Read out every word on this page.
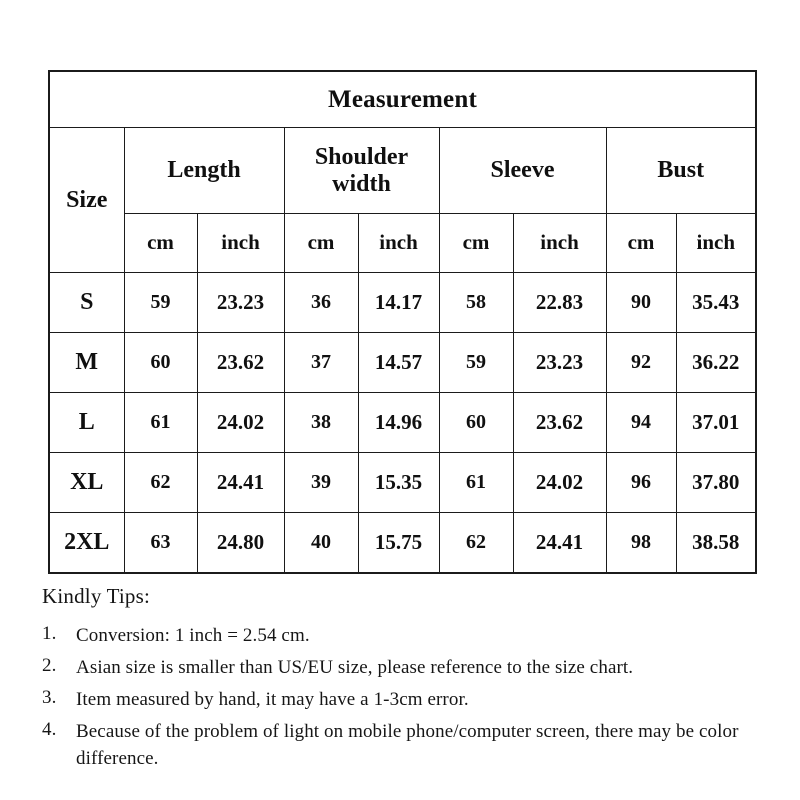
Measurement								
Size	Length		Shoulder width		Sleeve		Bust	
	cm	inch	cm	inch	cm	inch	cm	inch
S	59	23.23	36	14.17	58	22.83	90	35.43
M	60	23.62	37	14.57	59	23.23	92	36.22
L	61	24.02	38	14.96	60	23.62	94	37.01
XL	62	24.41	39	15.35	61	24.02	96	37.80
2XL	63	24.80	40	15.75	62	24.41	98	38.58
Kindly Tips:
1.	Conversion: 1 inch = 2.54 cm.
2.	Asian size is smaller than US/EU size, please reference to the size chart.
3.	Item measured by hand, it may have a 1-3cm error.
4.	Because of the problem of light on mobile phone/computer screen, there may be color difference.
